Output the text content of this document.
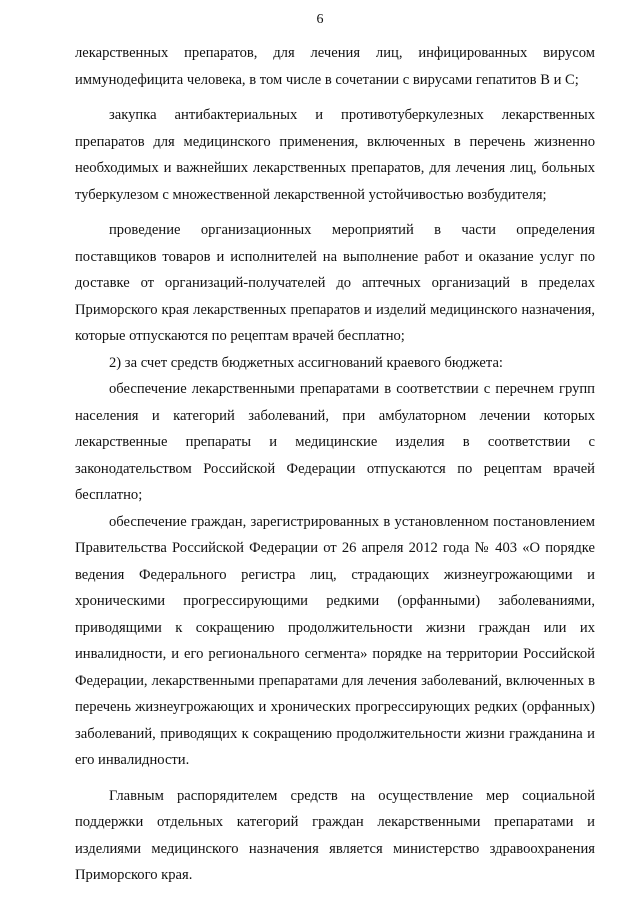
6

лекарственных препаратов, для лечения лиц, инфицированных вирусом иммунодефицита человека, в том числе в сочетании с вирусами гепатитов В и С;

закупка антибактериальных и противотуберкулезных лекарственных препаратов для медицинского применения, включенных в перечень жизненно необходимых и важнейших лекарственных препаратов, для лечения лиц, больных туберкулезом с множественной лекарственной устойчивостью возбудителя;

проведение организационных мероприятий в части определения поставщиков товаров и исполнителей на выполнение работ и оказание услуг по доставке от организаций-получателей до аптечных организаций в пределах Приморского края лекарственных препаратов и изделий медицинского назначения, которые отпускаются по рецептам врачей бесплатно;

2) за счет средств бюджетных ассигнований краевого бюджета:

обеспечение лекарственными препаратами в соответствии с перечнем групп населения и категорий заболеваний, при амбулаторном лечении которых лекарственные препараты и медицинские изделия в соответствии с законодательством Российской Федерации отпускаются по рецептам врачей бесплатно;

обеспечение граждан, зарегистрированных в установленном постановлением Правительства Российской Федерации от 26 апреля 2012 года № 403 «О порядке ведения Федерального регистра лиц, страдающих жизнеугрожающими и хроническими прогрессирующими редкими (орфанными) заболеваниями, приводящими к сокращению продолжительности жизни граждан или их инвалидности, и его регионального сегмента» порядке на территории Российской Федерации, лекарственными препаратами для лечения заболеваний, включенных в перечень жизнеугрожающих и хронических прогрессирующих редких (орфанных) заболеваний, приводящих к сокращению продолжительности жизни гражданина и его инвалидности.

Главным распорядителем средств на осуществление мер социальной поддержки отдельных категорий граждан лекарственными препаратами и изделиями медицинского назначения является министерство здравоохранения Приморского края.
